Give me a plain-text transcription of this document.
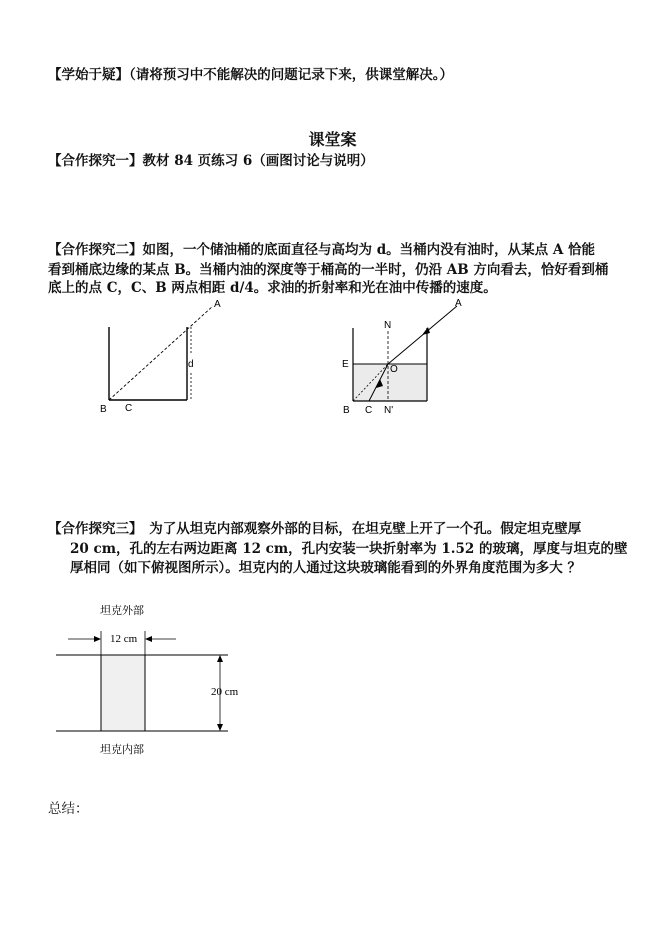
【学始于疑】（请将预习中不能解决的问题记录下来，供课堂解决。）
课堂案
【合作探究一】教材 84 页练习 6（画图讨论与说明）
【合作探究二】如图，一个储油桶的底面直径与高均为 d。当桶内没有油时，从某点 A 恰能
看到桶底边缘的某点 B。当桶内油的深度等于桶高的一半时，仍沿 AB 方向看去，恰好看到桶
底上的点 C，C、B 两点相距 d/4。求油的折射率和光在油中传播的速度。
A
d
B C
N
A
E	O
B C N'
【合作探究三】　为了从坦克内部观察外部的目标，在坦克壁上开了一个孔。假定坦克壁厚
20 cm，孔的左右两边距离 12 cm，孔内安装一块折射率为 1.52 的玻璃，厚度与坦克的壁
厚相同（如下俯视图所示）。坦克内的人通过这块玻璃能看到的外界角度范围为多大 ？
坦克外部
12 cm
20 cm
坦克内部
总结：
